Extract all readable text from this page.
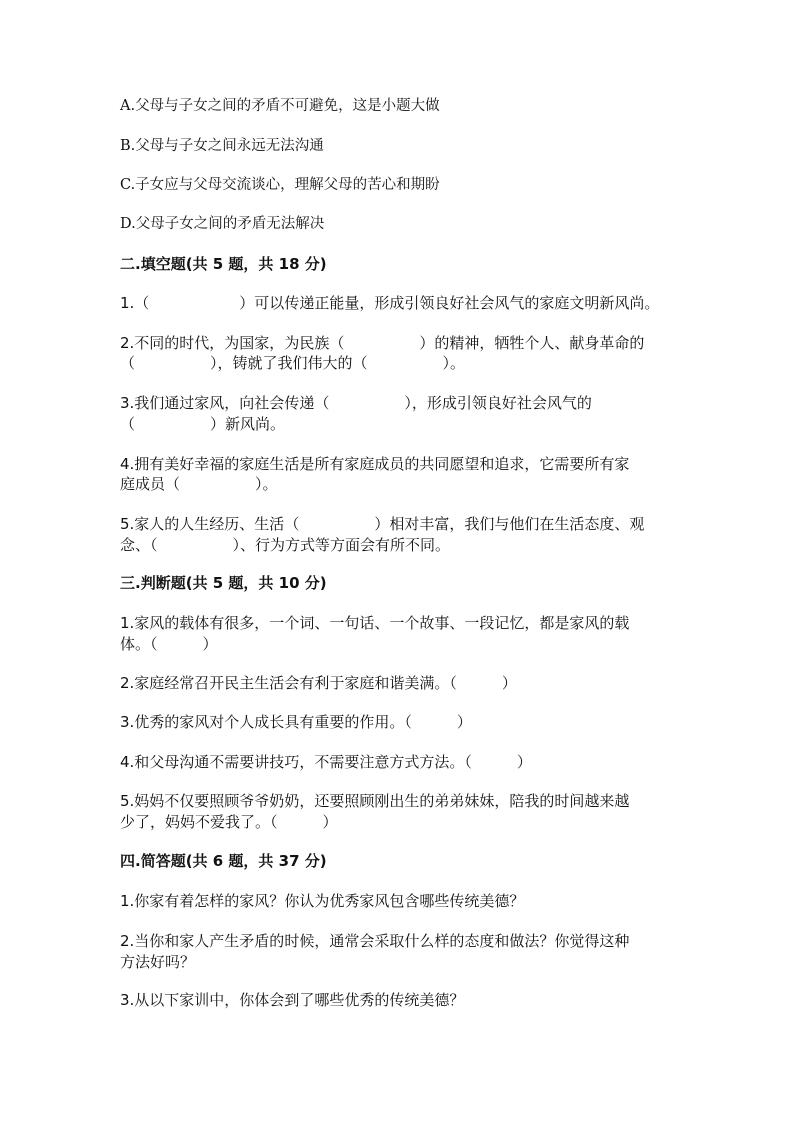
A.父母与子女之间的矛盾不可避免，这是小题大做
B.父母与子女之间永远无法沟通
C.子女应与父母交流谈心，理解父母的苦心和期盼
D.父母子女之间的矛盾无法解决
二.填空题(共 5 题，共 18 分)
1.（　　　　　　）可以传递正能量，形成引领良好社会风气的家庭文明新风尚。
2.不同的时代，为国家，为民族（　　　　　）的精神，牺牲个人、献身革命的
（　　　　　），铸就了我们伟大的（　　　　　）。
3.我们通过家风，向社会传递（　　　　　），形成引领良好社会风气的
（　　　　　）新风尚。
4.拥有美好幸福的家庭生活是所有家庭成员的共同愿望和追求，它需要所有家
庭成员（　　　　　）。
5.家人的人生经历、生活（　　　　　）相对丰富，我们与他们在生活态度、观
念、（　　　　　）、行为方式等方面会有所不同。
三.判断题(共 5 题，共 10 分)
1.家风的载体有很多，一个词、一句话、一个故事、一段记忆，都是家风的载
体。（　　　）
2.家庭经常召开民主生活会有利于家庭和谐美满。（　　　）
3.优秀的家风对个人成长具有重要的作用。（　　　）
4.和父母沟通不需要讲技巧，不需要注意方式方法。（　　　）
5.妈妈不仅要照顾爷爷奶奶，还要照顾刚出生的弟弟妹妹，陪我的时间越来越
少了，妈妈不爱我了。（　　　）
四.简答题(共 6 题，共 37 分)
1.你家有着怎样的家风？你认为优秀家风包含哪些传统美德？
2.当你和家人产生矛盾的时候，通常会采取什么样的态度和做法？你觉得这种
方法好吗？
3.从以下家训中，你体会到了哪些优秀的传统美德？
